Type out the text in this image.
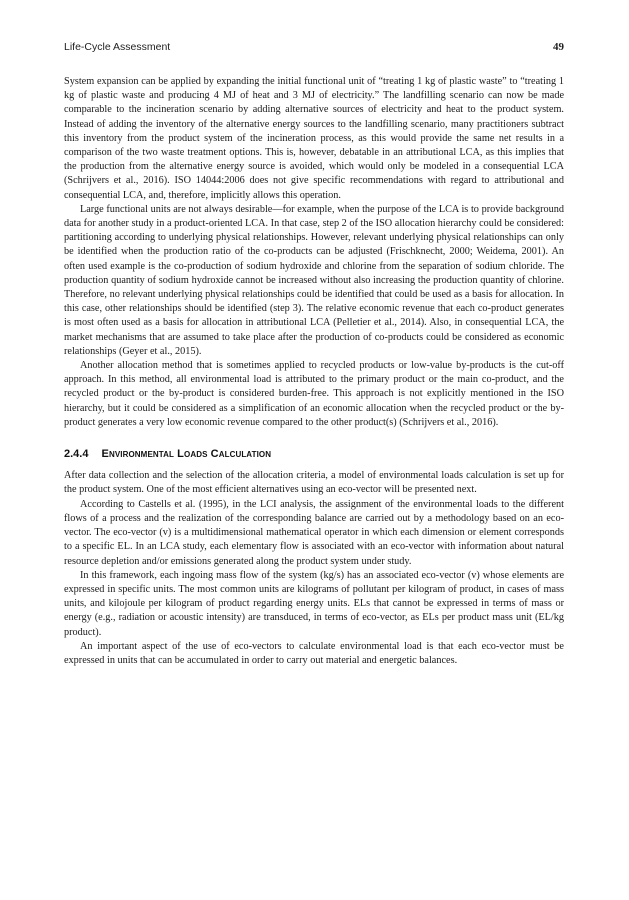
Life-Cycle Assessment	49

System expansion can be applied by expanding the initial functional unit of “treating 1 kg of plastic waste” to “treating 1 kg of plastic waste and producing 4 MJ of heat and 3 MJ of electricity.” The landfilling scenario can now be made comparable to the incineration scenario by adding alternative sources of electricity and heat to the product system. Instead of adding the inventory of the alternative energy sources to the landfilling scenario, many practitioners subtract this inventory from the product system of the incineration process, as this would provide the same net results in a comparison of the two waste treatment options. This is, however, debatable in an attributional LCA, as this implies that the production from the alternative energy source is avoided, which would only be modeled in a consequential LCA (Schrijvers et al., 2016). ISO 14044:2006 does not give specific recommendations with regard to attributional and consequential LCA, and, therefore, implicitly allows this operation.

Large functional units are not always desirable—for example, when the purpose of the LCA is to provide background data for another study in a product-oriented LCA. In that case, step 2 of the ISO allocation hierarchy could be considered: partitioning according to underlying physical relationships. However, relevant underlying physical relationships can only be identified when the production ratio of the co-products can be adjusted (Frischknecht, 2000; Weidema, 2001). An often used example is the co-production of sodium hydroxide and chlorine from the separation of sodium chloride. The production quantity of sodium hydroxide cannot be increased without also increasing the production quantity of chlorine. Therefore, no relevant underlying physical relationships could be identified that could be used as a basis for allocation. In this case, other relationships should be identified (step 3). The relative economic revenue that each co-product generates is most often used as a basis for allocation in attributional LCA (Pelletier et al., 2014). Also, in consequential LCA, the market mechanisms that are assumed to take place after the production of co-products could be considered as economic relationships (Geyer et al., 2015).

Another allocation method that is sometimes applied to recycled products or low-value by-products is the cut-off approach. In this method, all environmental load is attributed to the primary product or the main co-product, and the recycled product or the by-product is considered burden-free. This approach is not explicitly mentioned in the ISO hierarchy, but it could be considered as a simplification of an economic allocation when the recycled product or the by-product generates a very low economic revenue compared to the other product(s) (Schrijvers et al., 2016).

2.4.4 Environmental Loads Calculation

After data collection and the selection of the allocation criteria, a model of environmental loads calculation is set up for the product system. One of the most efficient alternatives using an eco-vector will be presented next.

According to Castells et al. (1995), in the LCI analysis, the assignment of the environmental loads to the different flows of a process and the realization of the corresponding balance are carried out by a methodology based on an eco-vector. The eco-vector (v) is a multidimensional mathematical operator in which each dimension or element corresponds to a specific EL. In an LCA study, each elementary flow is associated with an eco-vector with information about natural resource depletion and/or emissions generated along the product system under study.

In this framework, each ingoing mass flow of the system (kg/s) has an associated eco-vector (v) whose elements are expressed in specific units. The most common units are kilograms of pollutant per kilogram of product, in cases of mass units, and kilojoule per kilogram of product regarding energy units. ELs that cannot be expressed in terms of mass or energy (e.g., radiation or acoustic intensity) are transduced, in terms of eco-vector, as ELs per product mass unit (EL/kg product).

An important aspect of the use of eco-vectors to calculate environmental load is that each eco-vector must be expressed in units that can be accumulated in order to carry out material and energetic balances.
